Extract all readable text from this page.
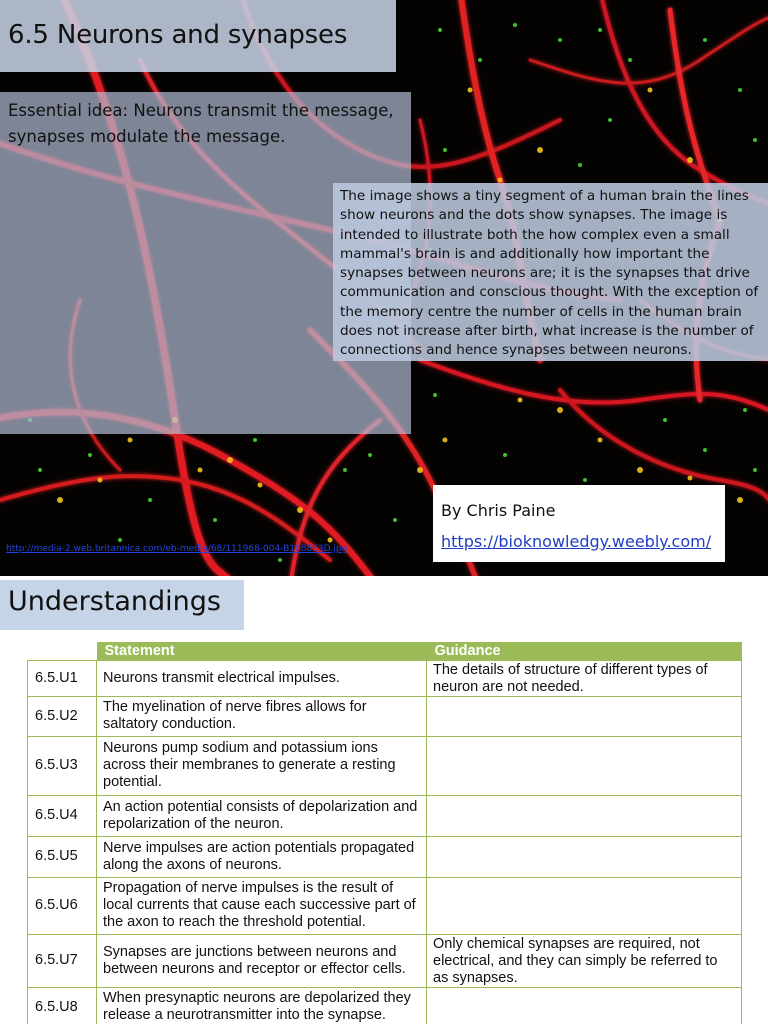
6.5 Neurons and synapses

Essential idea: Neurons transmit the message, synapses modulate the message.

The image shows a tiny segment of a human brain the lines show neurons and the dots show synapses. The image is intended to illustrate both the how complex even a small mammal's brain is and additionally how important the synapses between neurons are; it is the synapses that drive communication and conscious thought. With the exception of the memory centre the number of cells in the human brain does not increase after birth, what increase is the number of connections and hence synapses between neurons.

http://media-2.web.britannica.com/eb-media/68/111968-004-B1088E3D.jpg
By Chris Paine
https://bioknowledgy.weebly.com/
Understandings
	Statement	Guidance
6.5.U1	Neurons transmit electrical impulses.	The details of structure of different types of neuron are not needed.
6.5.U2	The myelination of nerve fibres allows for saltatory conduction.	
6.5.U3	Neurons pump sodium and potassium ions across their membranes to generate a resting potential.	
6.5.U4	An action potential consists of depolarization and repolarization of the neuron.	
6.5.U5	Nerve impulses are action potentials propagated along the axons of neurons.	
6.5.U6	Propagation of nerve impulses is the result of local currents that cause each successive part of the axon to reach the threshold potential.	
6.5.U7	Synapses are junctions between neurons and between neurons and receptor or effector cells.	Only chemical synapses are required, not electrical, and they can simply be referred to as synapses.
6.5.U8	When presynaptic neurons are depolarized they release a neurotransmitter into the synapse.	
